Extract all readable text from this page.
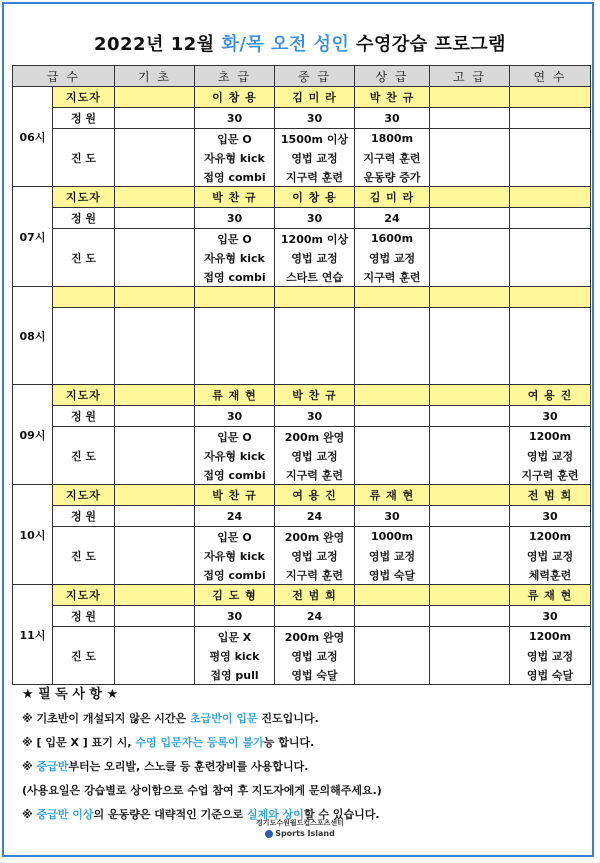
2022년 12월 화/목 오전 성인 수영강습 프로그램
급 수		기 초	초 급	중 급	상 급	고 급	연 수
06시	지도자		이 창 용	김 미 라	박 찬 규		
	정 원		30	30	30		
	진 도		입문 O	1500m 이상	1800m		
			자유형 kick	영법 교정	지구력 훈련		
			접영 combi	지구력 훈련	운동량 증가		
07시	지도자		박 찬 규	이 창 용	김 미 라		
	정 원		30	30	24		
	진 도		입문 O	1200m 이상	1600m		
			자유형 kick	영법 교정	영법 교정		
			접영 combi	스타트 연습	지구력 훈련		
08시							

09시	지도자		류 재 현	박 찬 규			여 용 진
	정 원		30	30			30
	진 도		입문 O	200m 완영			1200m
			자유형 kick	영법 교정			영법 교정
			접영 combi	지구력 훈련			지구력 훈련
10시	지도자		박 찬 규	여 용 진	류 재 현		전 범 희
	정 원		24	24	30		30
	진 도		입문 O	200m 완영	1000m		1200m
			자유형 kick	영법 교정	영법 교정		영법 교정
			접영 combi	지구력 훈련	영법 숙달		체력훈련
11시	지도자		김 도 형	전 범 희			류 재 현
	정 원		30	24			30
	진 도		입문 X	200m 완영			1200m
			평영 kick	영법 교정			영법 교정
			접영 pull	영법 숙달			영법 숙달
★ 필 독 사 항 ★
※ 기초반이 개설되지 않은 시간은 초급반이 입문 진도입니다.
※ [ 입문 X ] 표기 시, 수영 입문자는 등록이 불가능 합니다.
※ 중급반부터는 오리발, 스노클 등 훈련장비를 사용합니다.
(사용요일은 강습별로 상이함으로 수업 참여 후 지도자에게 문의해주세요.)
※ 중급반 이상의 운동량은 대략적인 기준으로 실제와 상이할 수 있습니다.
경기도수원월드컵스포츠센터
Sports Island
